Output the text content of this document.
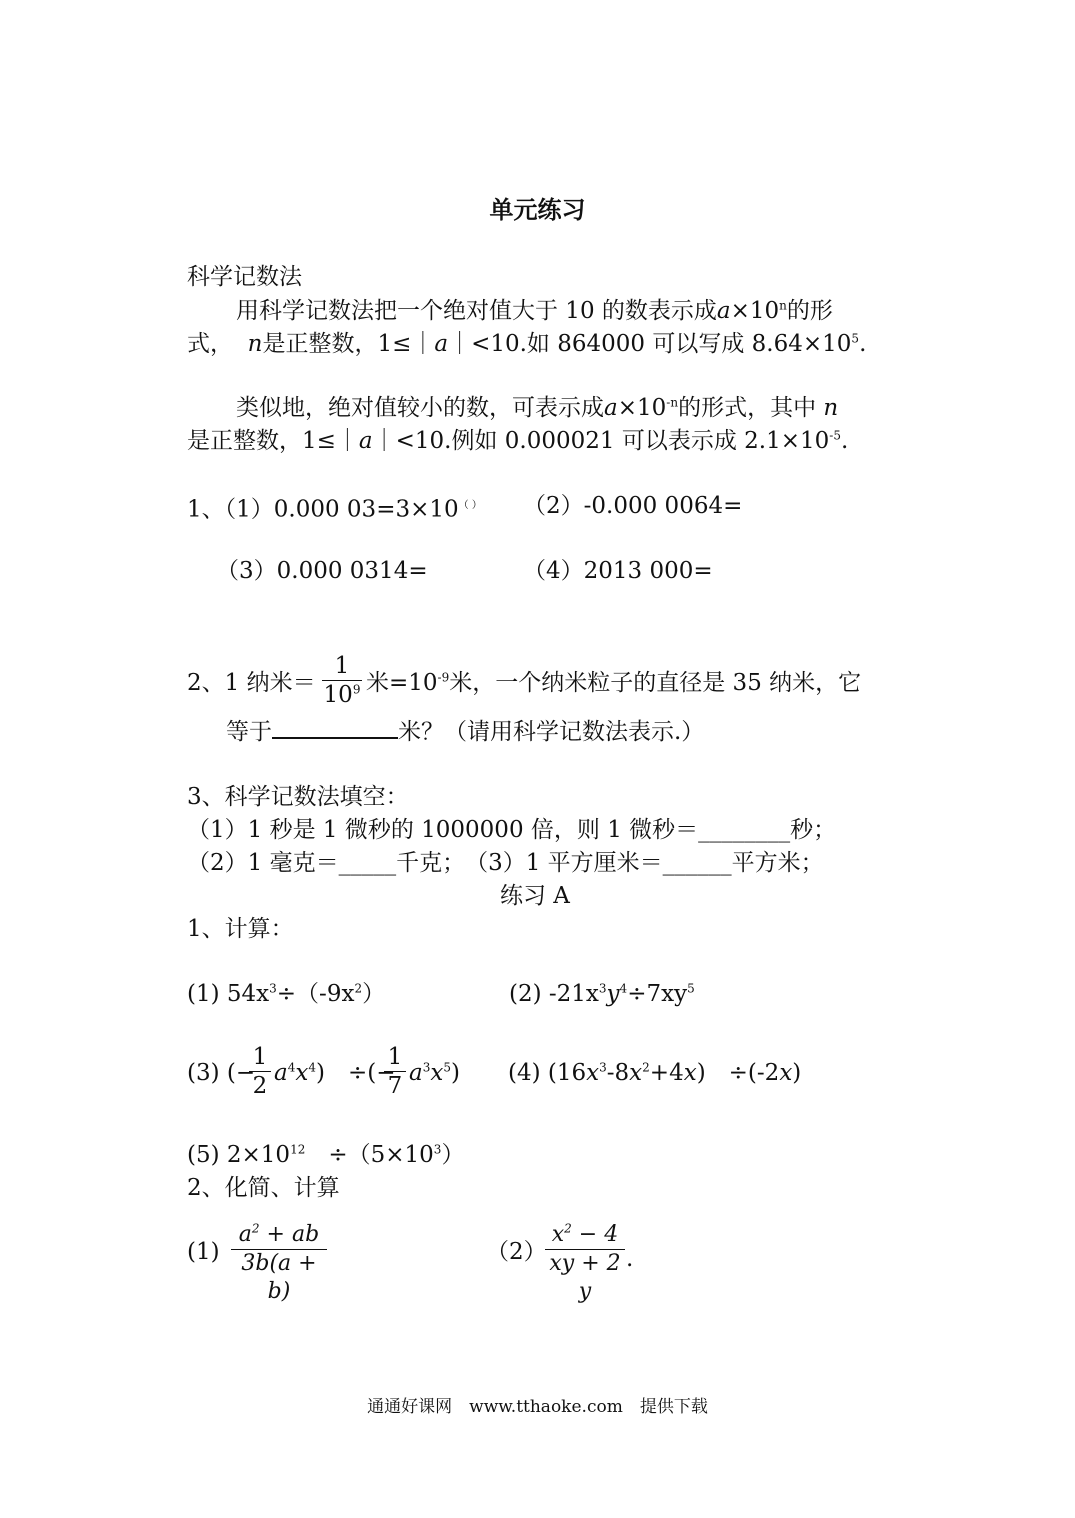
单元练习
科学记数法
用科学记数法把一个绝对值大于 10 的数表示成$a\times 10^n$的形
式， n是正整数，1≤｜a｜<10.如 864000 可以写成 $8.64\times 10^5$.
类似地，绝对值较小的数，可表示成$a\times 10^{-n}$的形式，其中 n
是正整数，1≤｜a｜<10.例如 0.000021 可以表示成 $2.1\times 10^{-5}$.
1、（1）0.000 03=3×10（ ） （2）-0.000 0064=
（3）0.000 0314=	（4）2013 000=
2、1 纳米＝ $\frac{1}{10^9}$ 米$=10^{-9}$米，一个纳米粒子的直径是 35 纳米，它
等于	米？（请用科学记数法表示.）
3、科学记数法填空：
（1）1 秒是 1 微秒的 1000000 倍，则 1 微秒＝________秒；
（2）1 毫克＝_____千克；　（3）1 平方厘米＝______平方米；
练习 A
1、计算：
(1) $54x^3\div(-9x^2)$	(2) $-21x^3y^4\div 7xy^5$
(3) (−
$\frac{1}{2} a^4x^4$)　÷(−
$\frac{1}{7} a^3x^5$) (4) $(16x^3-8x^2+4x)$　÷(-2x)
(5) $2\times 10^{12}$　$\div(5\times 10^3)$
2、化简、计算
$(1) \frac{a^2 + ab}{3b(a + b)}$	（2）
$\frac{x^2 - 4}{xy + 2 y}$ .
通通好课网　www.tthaoke.com　提供下载
